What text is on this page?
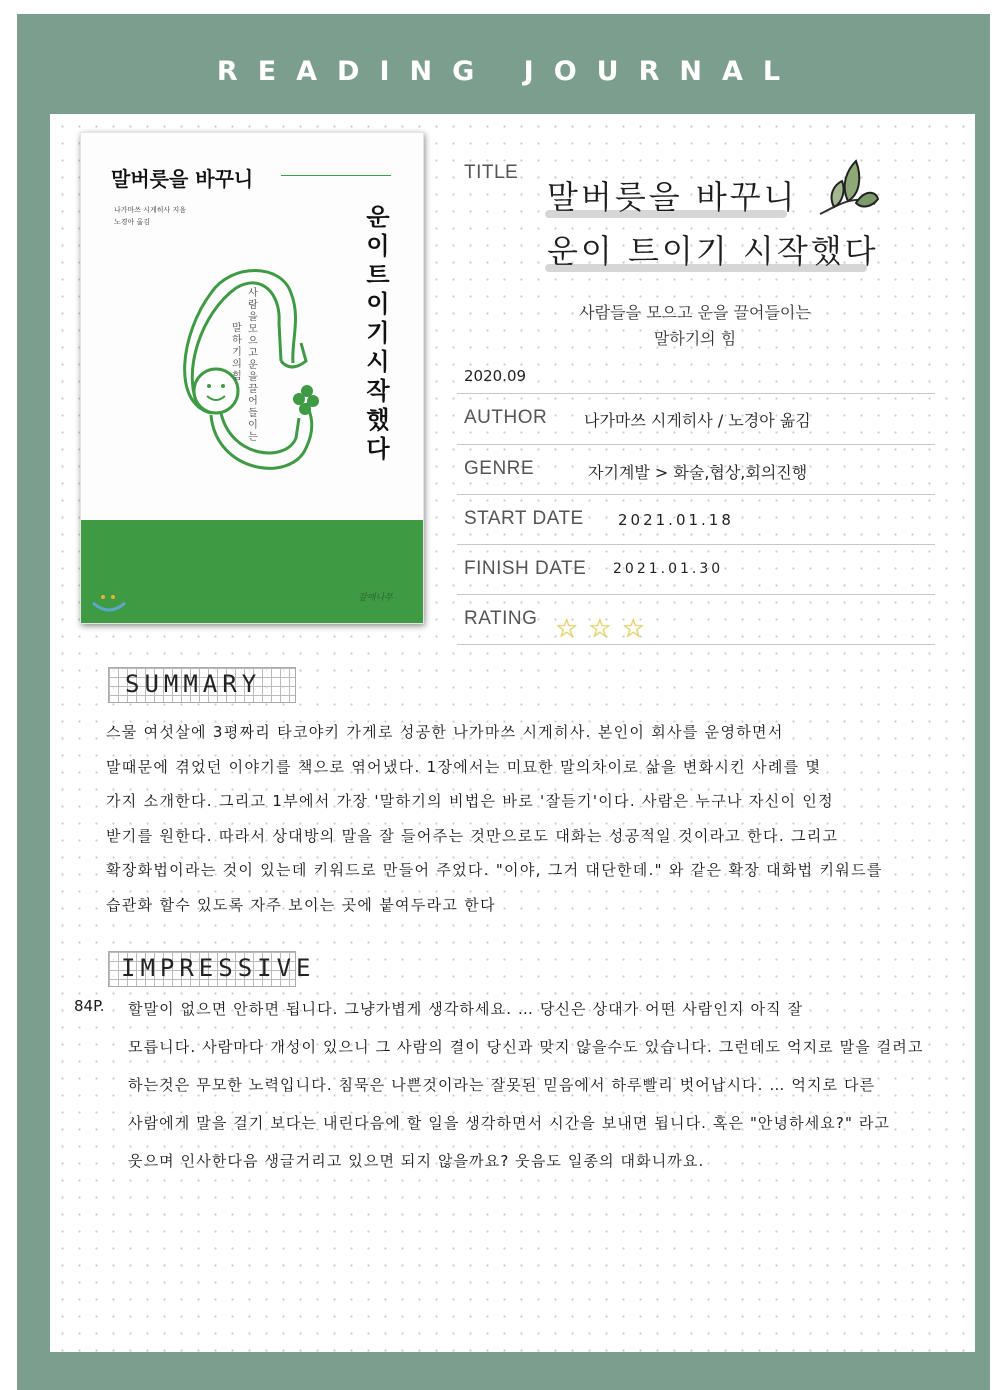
READING JOURNAL
말버릇을 바꾸니
나가마쓰 시게히사 지음
노경아 옮김
사람을 모으고 운을 끌어들이는
말하기의 힘
운이 트이기 시작했다
갈매나무
TITLE
말버릇을 바꾸니
운이 트이기 시작했다
사람들을 모으고 운을 끌어들이는
말하기의 힘
2020.09
AUTHOR 나가마쓰 시게히사 / 노경아 옮김
GENRE	자기계발 > 화술,협상,회의진행
START DATE 2021.01.18
FINISH DATE 2021.01.30
RATING ☆☆☆
SUMMARY
스물 여섯살에 3평짜리 타코야키 가게로 성공한 나가마쓰 시게히사. 본인이 회사를 운영하면서
말때문에 겪었던 이야기를 책으로 엮어냈다. 1장에서는 미묘한 말의차이로 삶을 변화시킨 사례를 몇
가지 소개한다. 그리고 1부에서 가장 '말하기의 비법은 바로 '잘듣기'이다. 사람은 누구나 자신이 인정
받기를 원한다. 따라서 상대방의 말을 잘 들어주는 것만으로도 대화는 성공적일 것이라고 한다. 그리고
확장화법이라는 것이 있는데 키워드로 만들어 주었다. "이야, 그거 대단한데." 와 같은 확장 대화법 키워드를
습관화 할수 있도록 자주 보이는 곳에 붙여두라고 한다
IMPRESSIVE
84P. 할말이 없으면 안하면 됩니다. 그냥가볍게 생각하세요. … 당신은 상대가 어떤 사람인지 아직 잘
모릅니다. 사람마다 개성이 있으니 그 사람의 결이 당신과 맞지 않을수도 있습니다. 그런데도 억지로 말을 걸려고
하는것은 무모한 노력입니다. 침묵은 나쁜것이라는 잘못된 믿음에서 하루빨리 벗어납시다. … 억지로 다른
사람에게 말을 걸기 보다는 내린다음에 할 일을 생각하면서 시간을 보내면 됩니다. 혹은 "안녕하세요?" 라고
웃으며 인사한다음 생글거리고 있으면 되지 않을까요? 웃음도 일종의 대화니까요.
